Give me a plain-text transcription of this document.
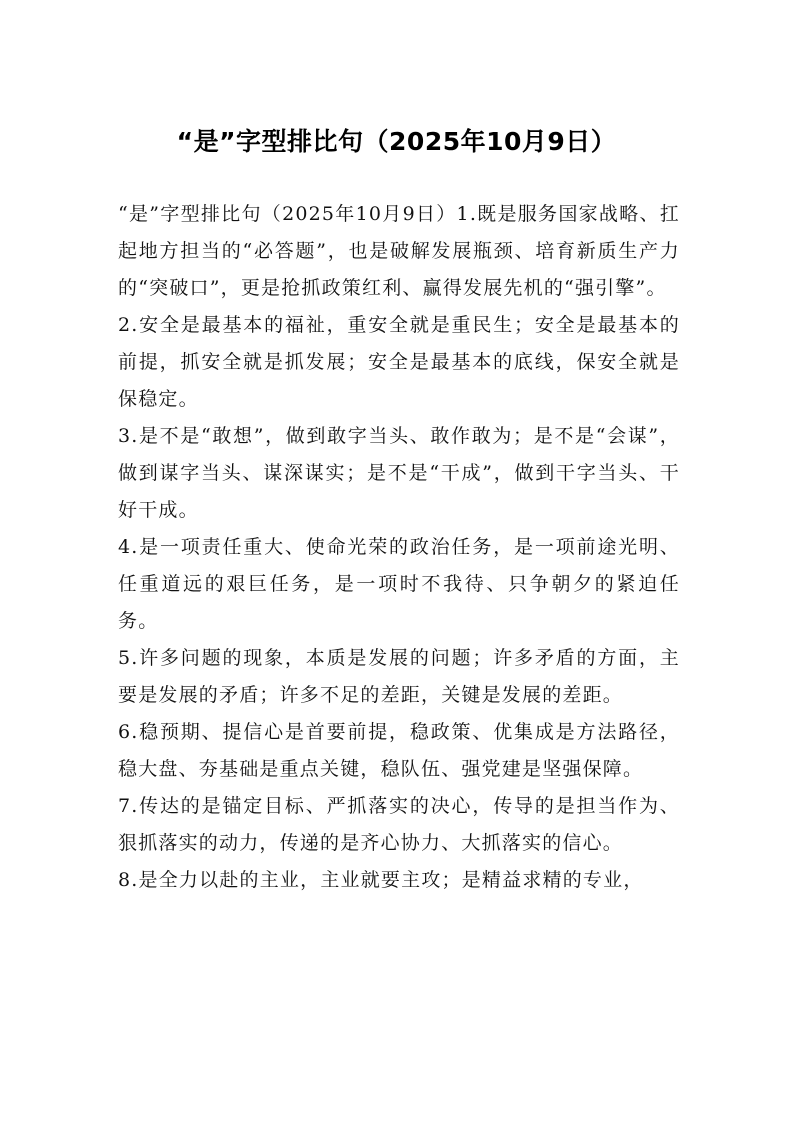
“是”字型排比句（2025年10月9日）

“是”字型排比句（2025年10月9日）1.既是服务国家战略、扛起地方担当的“必答题”，也是破解发展瓶颈、培育新质生产力的“突破口”，更是抢抓政策红利、赢得发展先机的“强引擎”。

2.安全是最基本的福祉，重安全就是重民生；安全是最基本的前提，抓安全就是抓发展；安全是最基本的底线，保安全就是保稳定。

3.是不是“敢想”，做到敢字当头、敢作敢为；是不是“会谋”，做到谋字当头、谋深谋实；是不是“干成”，做到干字当头、干好干成。

4.是一项责任重大、使命光荣的政治任务，是一项前途光明、任重道远的艰巨任务，是一项时不我待、只争朝夕的紧迫任务。

5.许多问题的现象，本质是发展的问题；许多矛盾的方面，主要是发展的矛盾；许多不足的差距，关键是发展的差距。

6.稳预期、提信心是首要前提，稳政策、优集成是方法路径，稳大盘、夯基础是重点关键，稳队伍、强党建是坚强保障。

7.传达的是锚定目标、严抓落实的决心，传导的是担当作为、狠抓落实的动力，传递的是齐心协力、大抓落实的信心。

8.是全力以赴的主业，主业就要主攻；是精益求精的专业，
